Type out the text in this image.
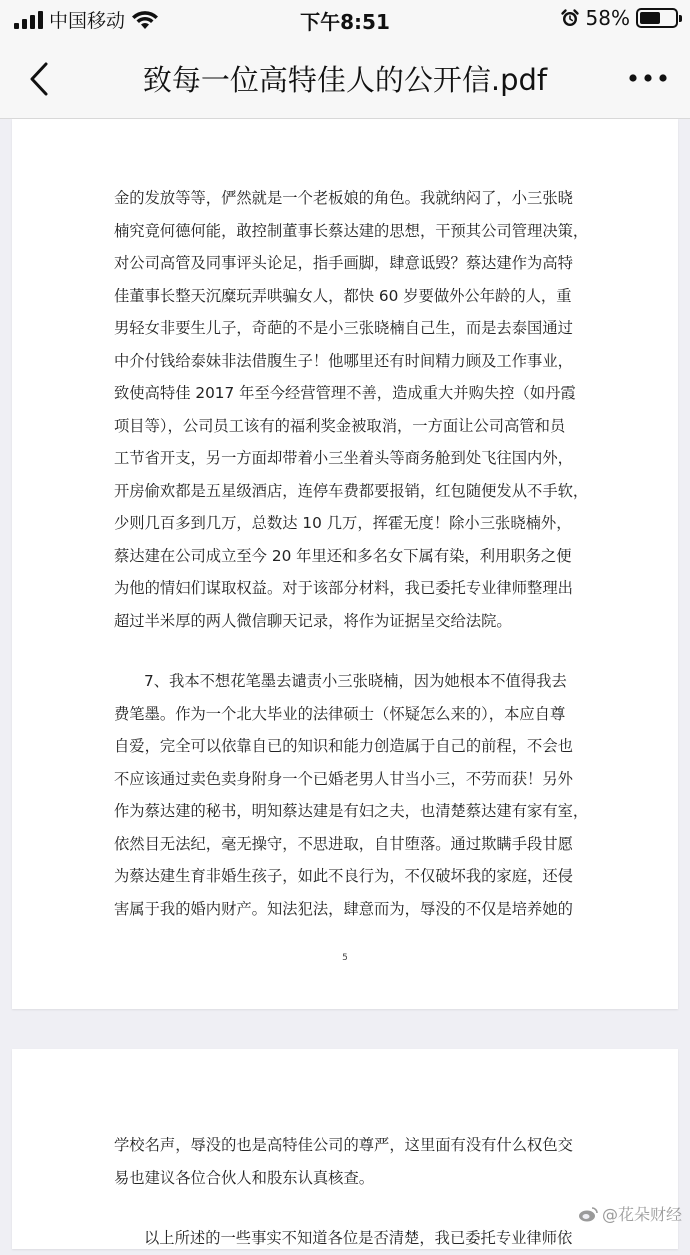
中国移动	下午8:51	58%
致每一位高特佳人的公开信.pdf
金的发放等等，俨然就是一个老板娘的角色。我就纳闷了，小三张晓
楠究竟何德何能，敢控制董事长蔡达建的思想，干预其公司管理决策，
对公司高管及同事评头论足，指手画脚，肆意诋毁？蔡达建作为高特
佳董事长整天沉糜玩弄哄骗女人，都快 60 岁要做外公年龄的人，重
男轻女非要生儿子，奇葩的不是小三张晓楠自己生，而是去泰国通过
中介付钱给泰妹非法借腹生子！他哪里还有时间精力顾及工作事业，
致使高特佳 2017 年至今经营管理不善，造成重大并购失控（如丹霞
项目等），公司员工该有的福利奖金被取消，一方面让公司高管和员
工节省开支，另一方面却带着小三坐着头等商务舱到处飞往国内外，
开房偷欢都是五星级酒店，连停车费都要报销，红包随便发从不手软，
少则几百多到几万，总数达 10 几万，挥霍无度！除小三张晓楠外，
蔡达建在公司成立至今 20 年里还和多名女下属有染，利用职务之便
为他的情妇们谋取权益。对于该部分材料，我已委托专业律师整理出
超过半米厚的两人微信聊天记录，将作为证据呈交给法院。
7、我本不想花笔墨去谴责小三张晓楠，因为她根本不值得我去
费笔墨。作为一个北大毕业的法律硕士（怀疑怎么来的），本应自尊
自爱，完全可以依靠自已的知识和能力创造属于自己的前程，不会也
不应该通过卖色卖身附身一个已婚老男人甘当小三，不劳而获！另外
作为蔡达建的秘书，明知蔡达建是有妇之夫，也清楚蔡达建有家有室，
依然目无法纪，毫无操守，不思进取，自甘堕落。通过欺瞒手段甘愿
为蔡达建生育非婚生孩子，如此不良行为，不仅破坏我的家庭，还侵
害属于我的婚内财产。知法犯法，肆意而为，辱没的不仅是培养她的
5
学校名声，辱没的也是高特佳公司的尊严，这里面有没有什么权色交
易也建议各位合伙人和股东认真核查。
以上所述的一些事实不知道各位是否清楚，我已委托专业律师依
@花朵财经
